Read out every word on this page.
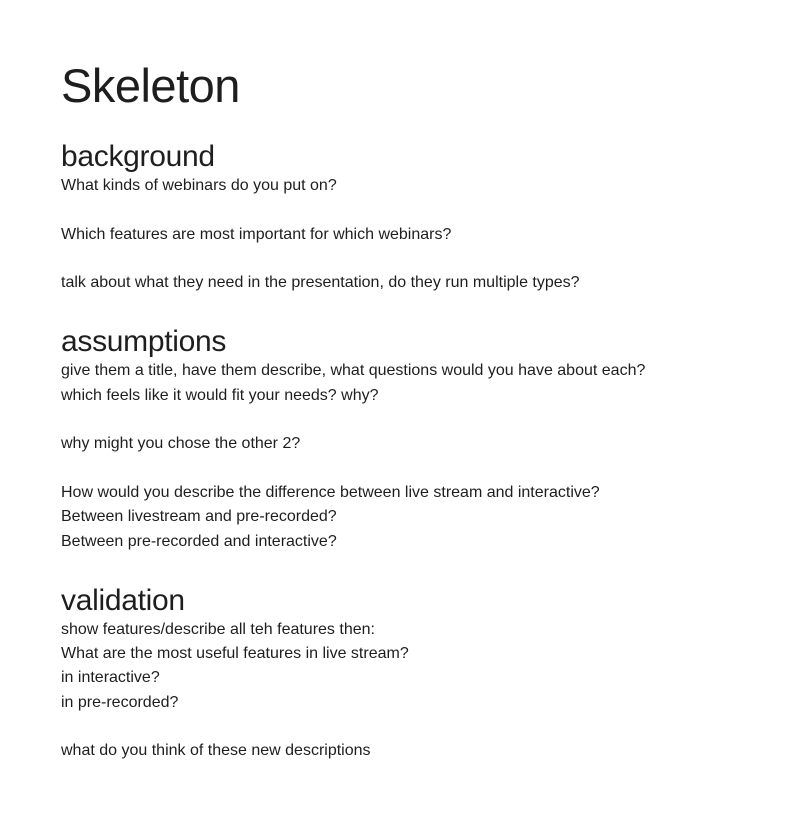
Skeleton
background
What kinds of webinars do you put on?
Which features are most important for which webinars?
talk about what they need in the presentation, do they run multiple types?
assumptions
give them a title, have them describe, what questions would you have about each?
which feels like it would fit your needs? why?
why might you chose the other 2?
How would you describe the difference between live stream and interactive?
Between livestream and pre-recorded?
Between pre-recorded and interactive?
validation
show features/describe all teh features then:
What are the most useful features in live stream?
in interactive?
in pre-recorded?
what do you think of these new descriptions
